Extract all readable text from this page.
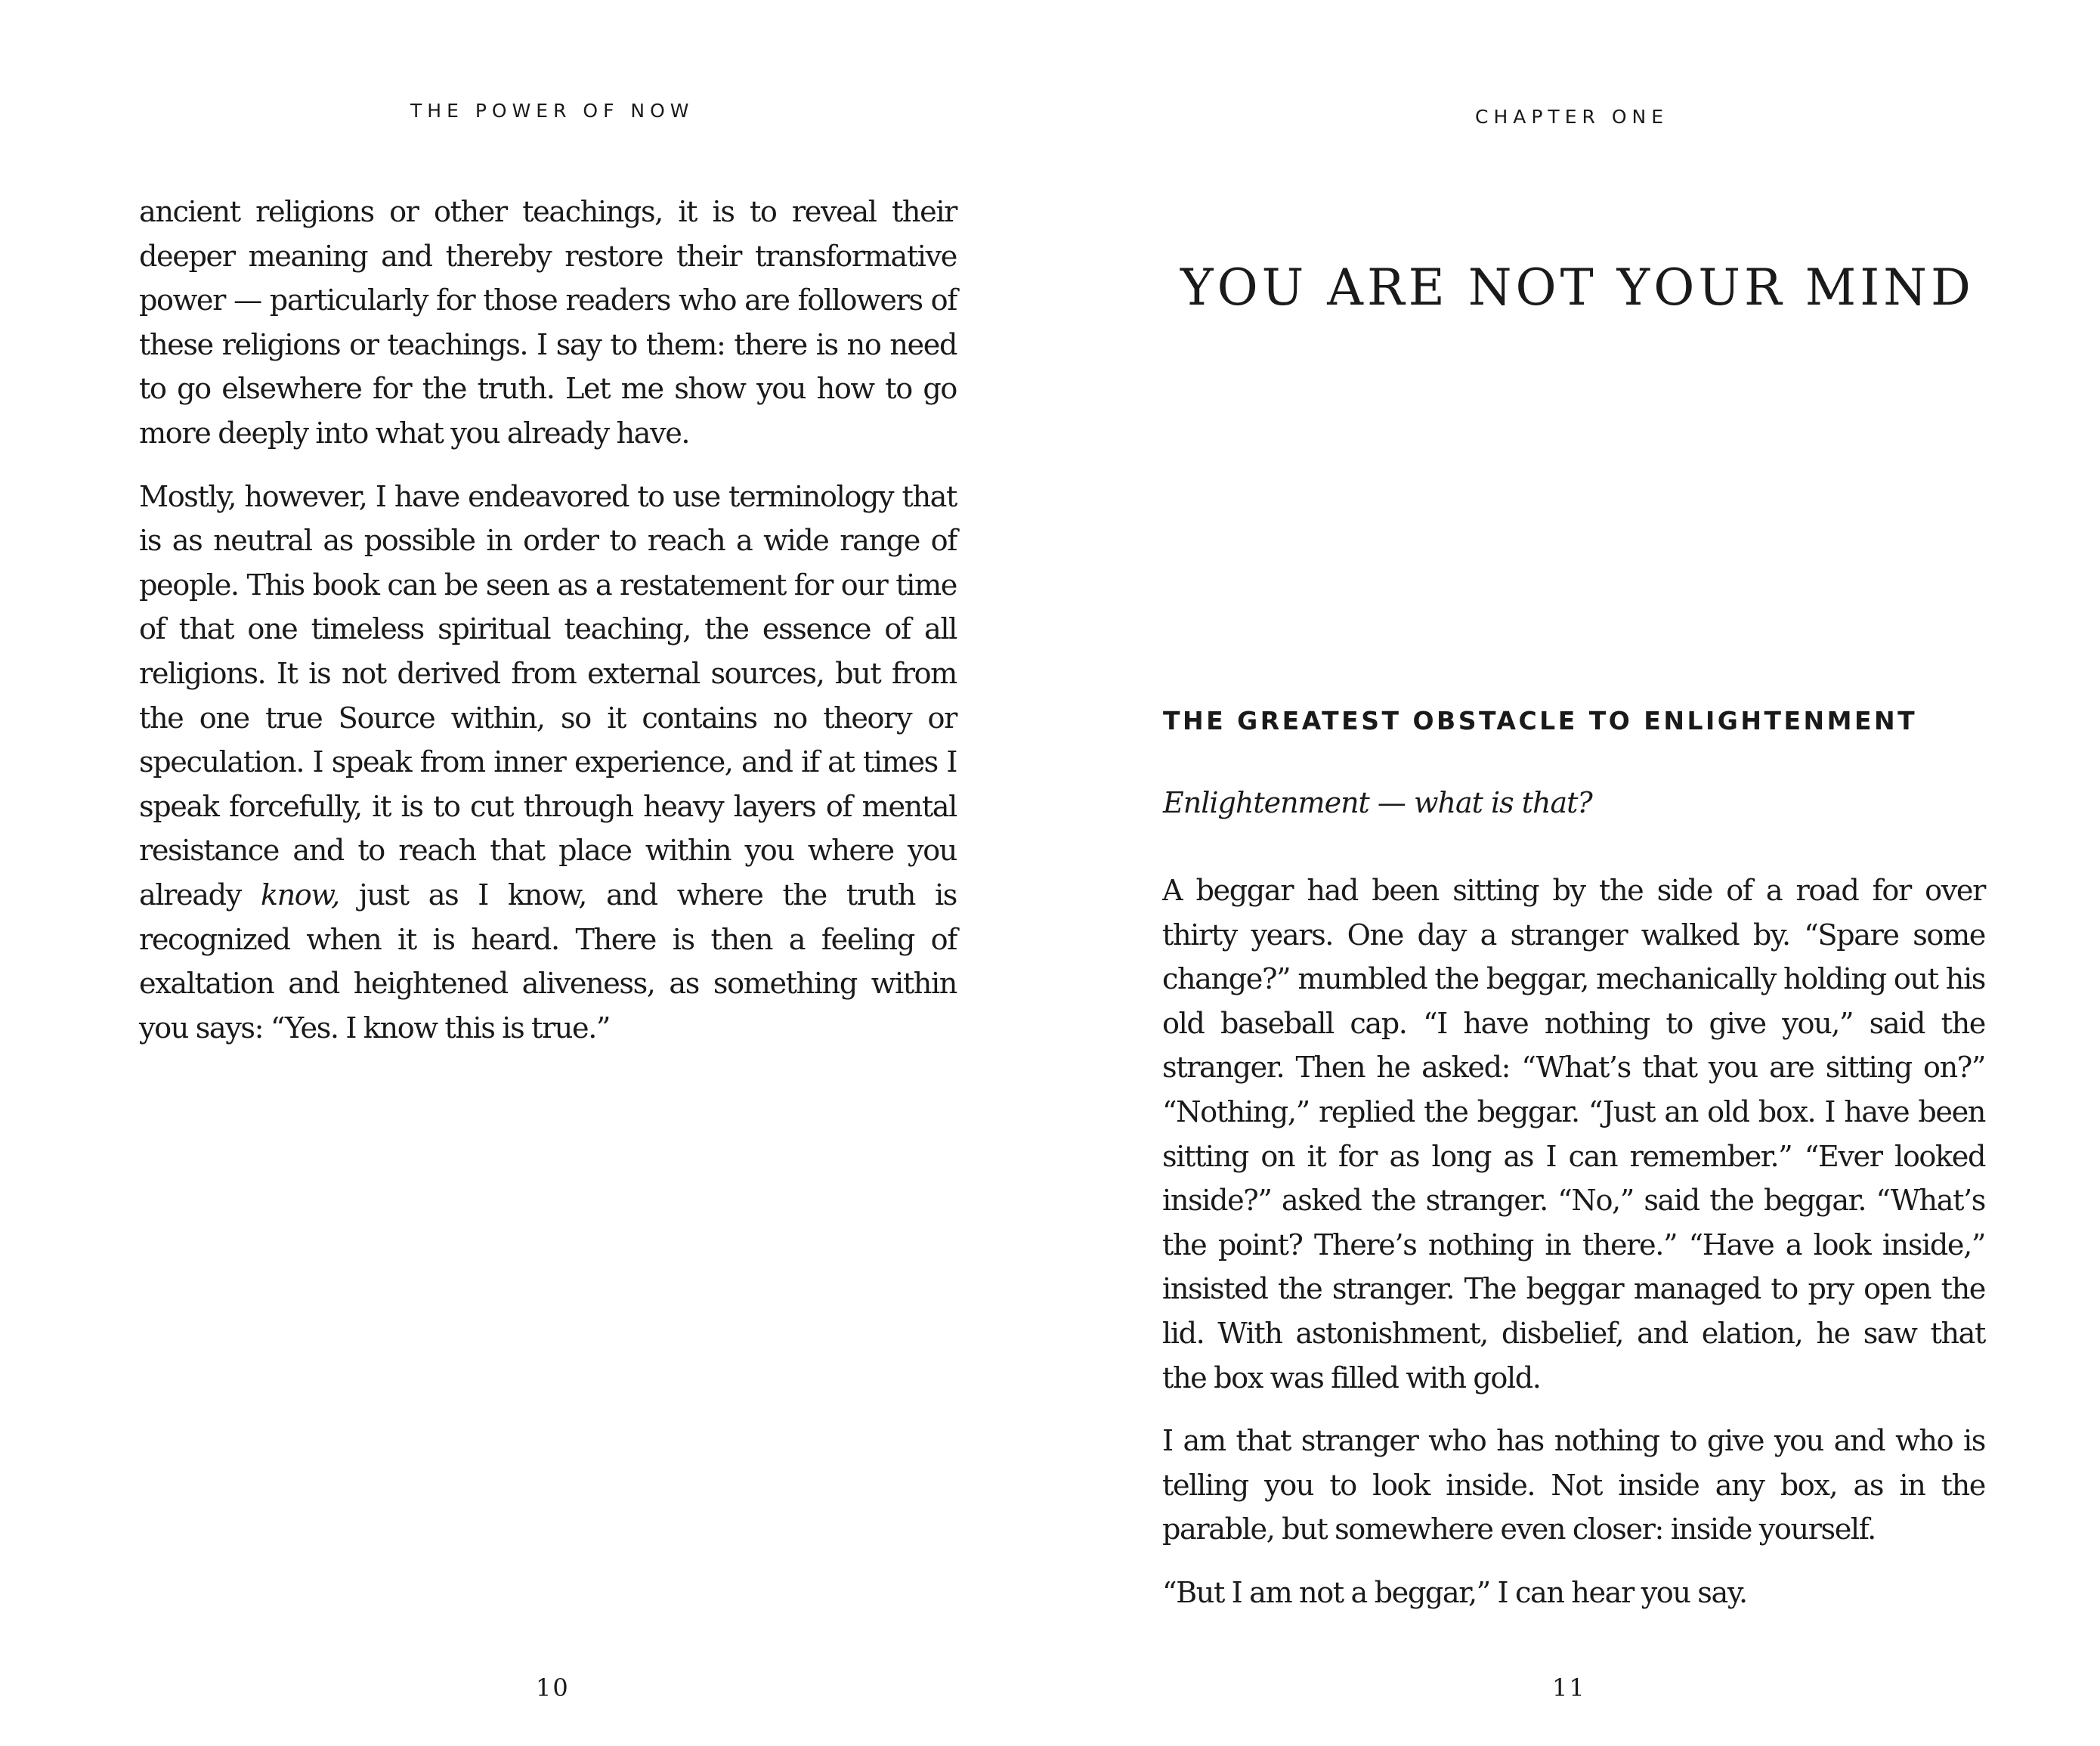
THE POWER OF NOW

ancient religions or other teachings, it is to reveal their deeper meaning and thereby restore their transformative power — particularly for those readers who are followers of these religions or teachings. I say to them: there is no need to go elsewhere for the truth. Let me show you how to go more deeply into what you already have.

Mostly, however, I have endeavored to use terminology that is as neutral as possible in order to reach a wide range of people. This book can be seen as a restatement for our time of that one timeless spiritual teaching, the essence of all religions. It is not derived from external sources, but from the one true Source within, so it contains no theory or speculation. I speak from inner experience, and if at times I speak forcefully, it is to cut through heavy layers of mental resistance and to reach that place within you where you already know, just as I know, and where the truth is recognized when it is heard. There is then a feeling of exaltation and heightened aliveness, as something within you says: “Yes. I know this is true.”

10
CHAPTER ONE
YOU ARE NOT YOUR MIND
THE GREATEST OBSTACLE TO ENLIGHTENMENT

Enlightenment — what is that?

A beggar had been sitting by the side of a road for over thirty years. One day a stranger walked by. “Spare some change?” mumbled the beggar, mechanically holding out his old baseball cap. “I have nothing to give you,” said the stranger. Then he asked: “What’s that you are sitting on?” “Nothing,” replied the beggar. “Just an old box. I have been sitting on it for as long as I can remember.” “Ever looked inside?” asked the stranger. “No,” said the beggar. “What’s the point? There’s nothing in there.” “Have a look inside,” insisted the stranger. The beggar managed to pry open the lid. With astonishment, disbelief, and elation, he saw that the box was filled with gold.

I am that stranger who has nothing to give you and who is telling you to look inside. Not inside any box, as in the parable, but somewhere even closer: inside yourself.

“But I am not a beggar,” I can hear you say.

11
